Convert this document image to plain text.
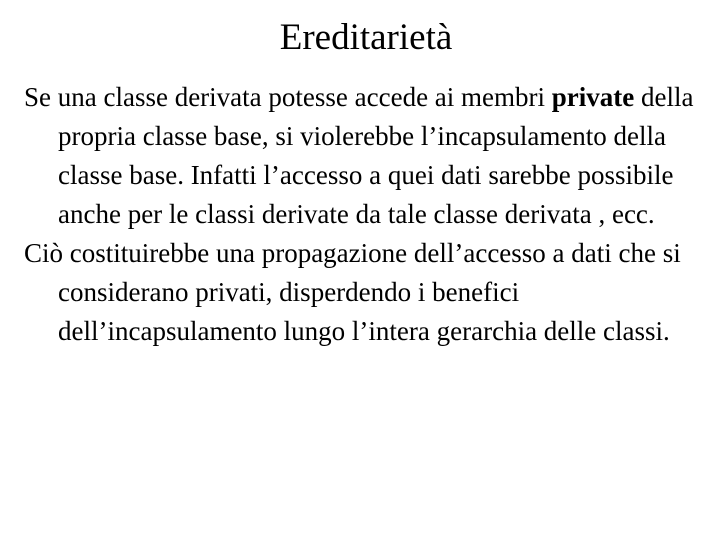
Ereditarietà

Se una classe derivata potesse accede ai membri private della propria classe base, si violerebbe l’incapsulamento della classe base. Infatti l’accesso a quei dati sarebbe possibile anche per le classi derivate da tale classe derivata , ecc.

Ciò costituirebbe una propagazione dell’accesso a dati che si considerano privati, disperdendo i benefici dell’incapsulamento lungo l’intera gerarchia delle classi.
